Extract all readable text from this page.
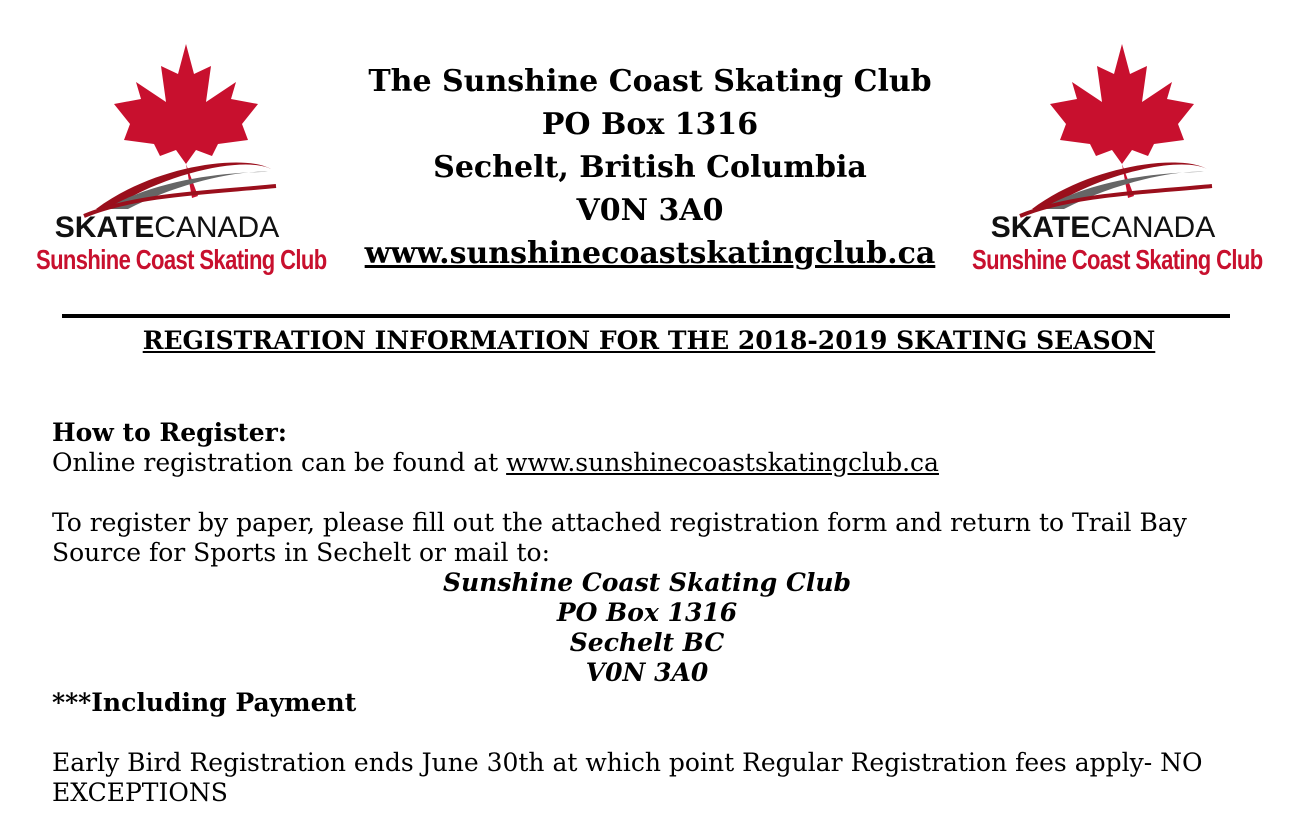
SKATECANADA
Sunshine Coast Skating Club
SKATECANADA
Sunshine Coast Skating Club
The Sunshine Coast Skating Club
PO Box 1316
Sechelt, British Columbia
V0N 3A0
www.sunshinecoastskatingclub.ca
REGISTRATION INFORMATION FOR THE 2018-2019 SKATING SEASON

How to Register:

Online registration can be found at www.sunshinecoastskatingclub.ca

To register by paper, please fill out the attached registration form and return to Trail Bay Source for Sports in Sechelt or mail to:

Sunshine Coast Skating Club
PO Box 1316
Sechelt BC
V0N 3A0

***Including Payment

Early Bird Registration ends June 30th at which point Regular Registration fees apply- NO EXCEPTIONS
